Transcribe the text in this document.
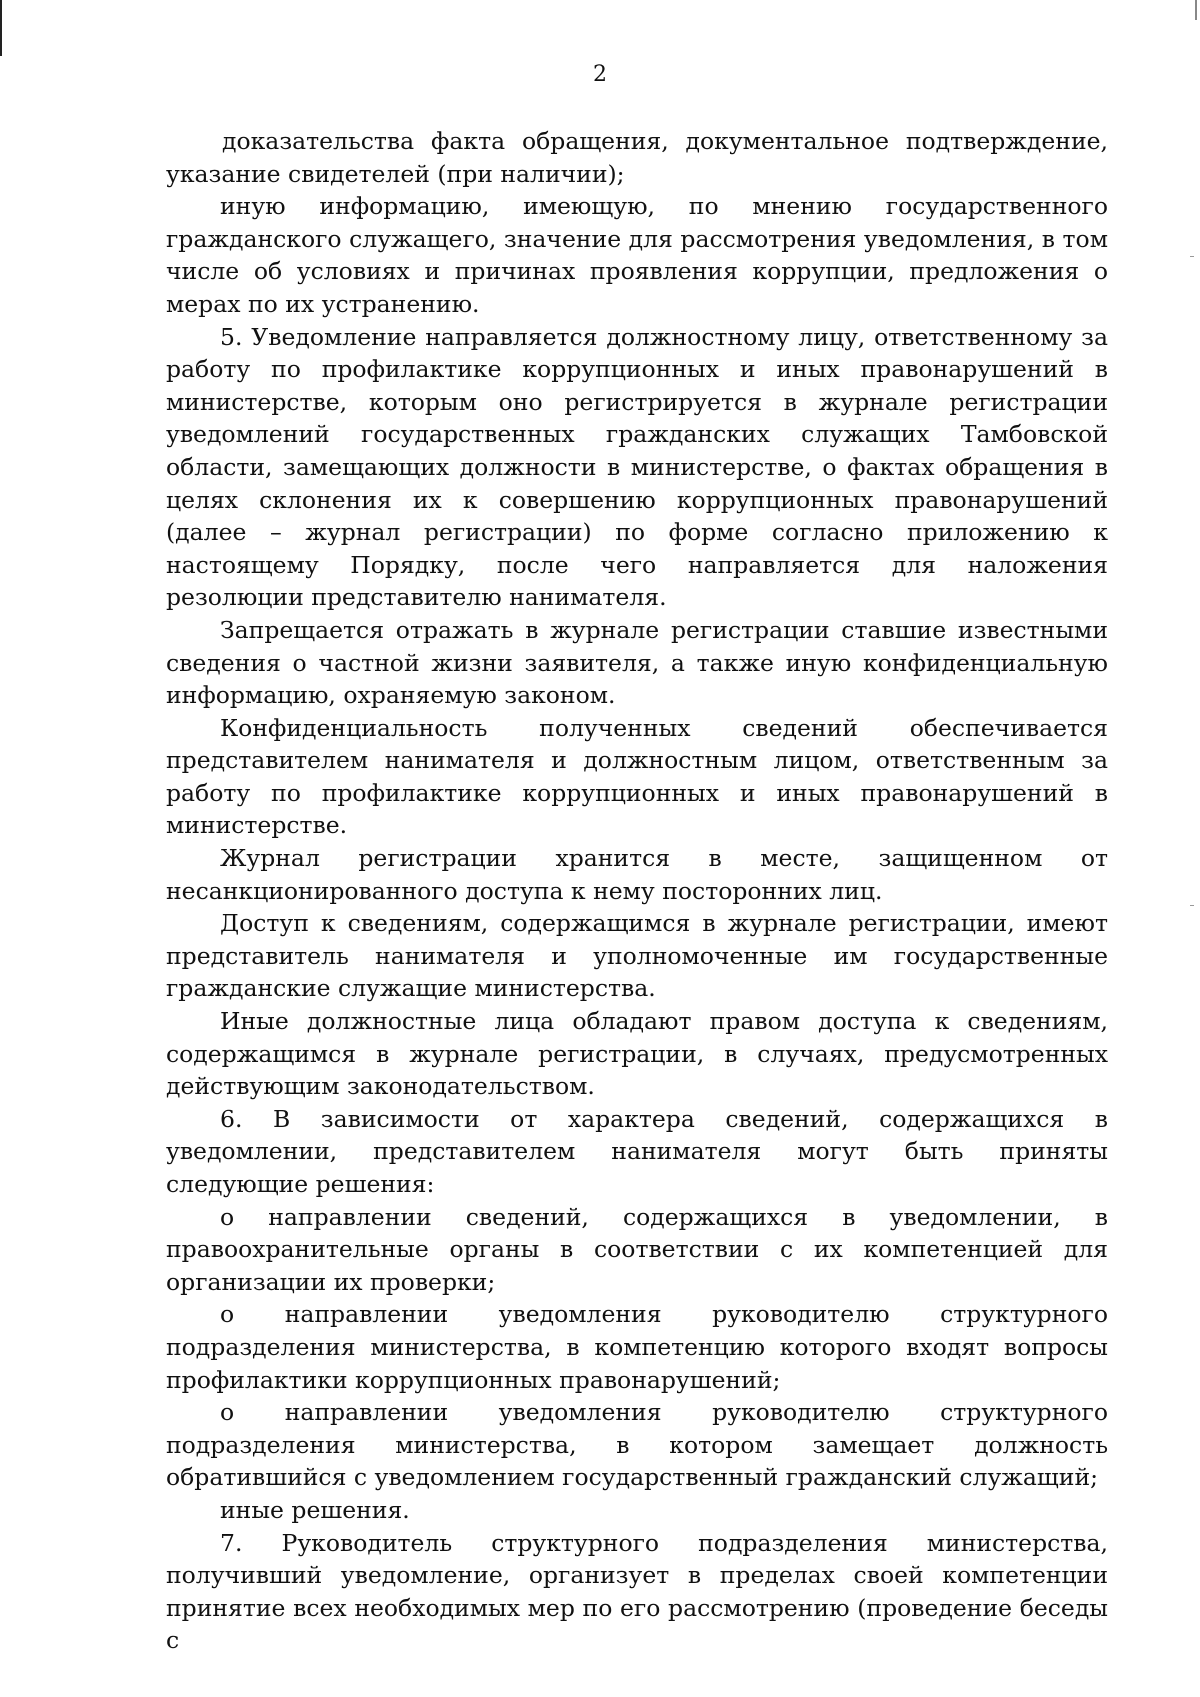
2

доказательства факта обращения, документальное подтверждение, указание свидетелей (при наличии);

иную информацию, имеющую, по мнению государственного гражданского служащего, значение для рассмотрения уведомления, в том числе об условиях и причинах проявления коррупции, предложения о мерах по их устранению.

5. Уведомление направляется должностному лицу, ответственному за работу по профилактике коррупционных и иных правонарушений в министерстве, которым оно регистрируется в журнале регистрации уведомлений государственных гражданских служащих Тамбовской области, замещающих должности в министерстве, о фактах обращения в целях склонения их к совершению коррупционных правонарушений (далее – журнал регистрации) по форме согласно приложению к настоящему Порядку, после чего направляется для наложения резолюции представителю нанимателя.

Запрещается отражать в журнале регистрации ставшие известными сведения о частной жизни заявителя, а также иную конфиденциальную информацию, охраняемую законом.

Конфиденциальность полученных сведений обеспечивается представителем нанимателя и должностным лицом, ответственным за работу по профилактике коррупционных и иных правонарушений в министерстве.

Журнал регистрации хранится в месте, защищенном от несанкционированного доступа к нему посторонних лиц.

Доступ к сведениям, содержащимся в журнале регистрации, имеют представитель нанимателя и уполномоченные им государственные гражданские служащие министерства.

Иные должностные лица обладают правом доступа к сведениям, содержащимся в журнале регистрации, в случаях, предусмотренных действующим законодательством.

6. В зависимости от характера сведений, содержащихся в уведомлении, представителем нанимателя могут быть приняты следующие решения:

о направлении сведений, содержащихся в уведомлении, в правоохранительные органы в соответствии с их компетенцией для организации их проверки;

о направлении уведомления руководителю структурного подразделения министерства, в компетенцию которого входят вопросы профилактики коррупционных правонарушений;

о направлении уведомления руководителю структурного подразделения министерства, в котором замещает должность обратившийся с уведомлением государственный гражданский служащий;

иные решения.

7. Руководитель структурного подразделения министерства, получивший уведомление, организует в пределах своей компетенции принятие всех необходимых мер по его рассмотрению (проведение беседы с
